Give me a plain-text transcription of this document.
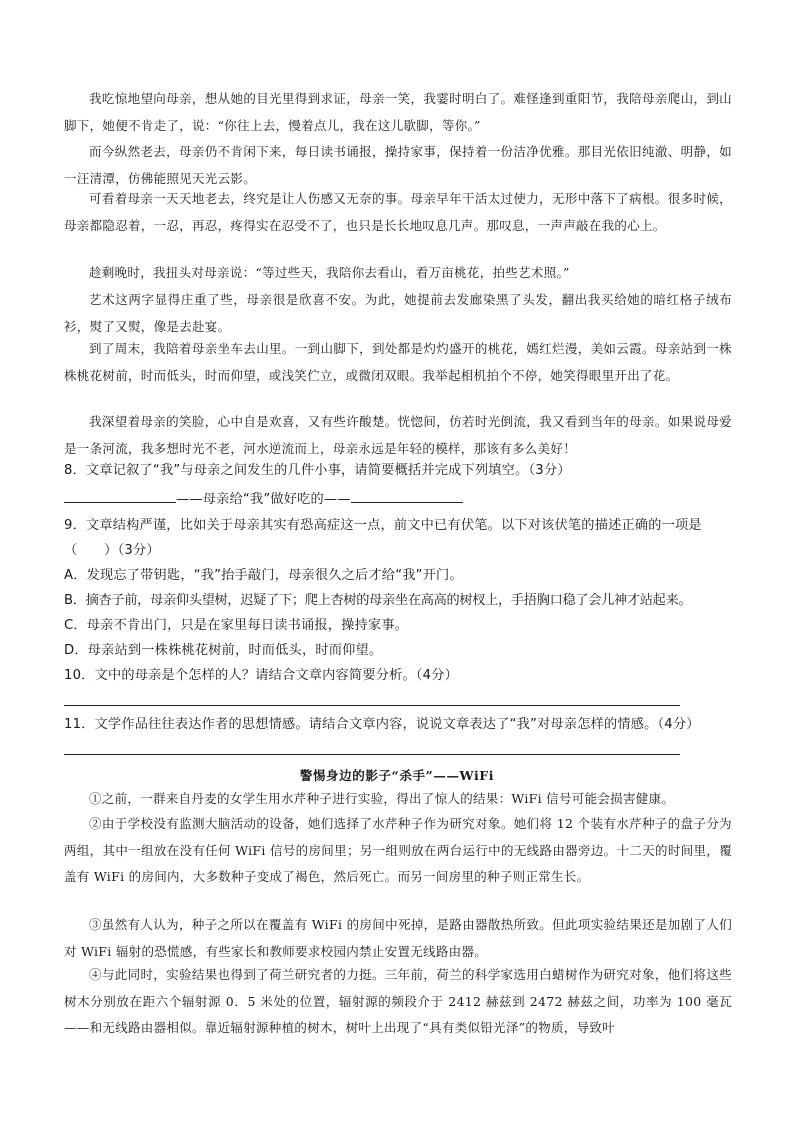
我吃惊地望向母亲，想从她的目光里得到求证，母亲一笑，我霎时明白了。难怪逢到重阳节，我陪母亲爬山，到山脚下，她便不肯走了，说：“你往上去，慢着点儿，我在这儿歇脚，等你。”
而今纵然老去，母亲仍不肯闲下来，每日读书诵报，操持家事，保持着一份洁净优雅。那目光依旧纯澈、明静，如一汪清潭，仿佛能照见天光云影。
可看着母亲一天天地老去，终究是让人伤感又无奈的事。母亲早年干活太过使力，无形中落下了病根。很多时候，母亲都隐忍着，一忍，再忍，疼得实在忍受不了，也只是长长地叹息几声。那叹息，一声声敲在我的心上。
趁剩晚时，我扭头对母亲说：“等过些天，我陪你去看山，看万亩桃花，拍些艺术照。”
艺术这两字显得庄重了些，母亲很是欣喜不安。为此，她提前去发廊染黑了头发，翻出我买给她的暗红格子绒布衫，熨了又熨，像是去赴宴。
到了周末，我陪着母亲坐车去山里。一到山脚下，到处都是灼灼盛开的桃花，嫣红烂漫，美如云霞。母亲站到一株株桃花树前，时而低头，时而仰望，或浅笑伫立，或微闭双眼。我举起相机拍个不停，她笑得眼里开出了花。
我深望着母亲的笑脸，心中自是欢喜，又有些许酸楚。恍惚间，仿若时光倒流，我又看到当年的母亲。如果说母爱是一条河流，我多想时光不老，河水逆流而上，母亲永远是年轻的模样，那该有多么美好！
8．文章记叙了“我”与母亲之间发生的几件小事，请简要概括并完成下列填空。（3分）
——母亲给“我”做好吃的——
9．文章结构严谨，比如关于母亲其实有恐高症这一点，前文中已有伏笔。以下对该伏笔的描述正确的一项是（　　）（3分）
A．发现忘了带钥匙，“我”抬手敲门，母亲很久之后才给“我”开门。
B．摘杏子前，母亲仰头望树，迟疑了下；爬上杏树的母亲坐在高高的树杈上，手捂胸口稳了会儿神才站起来。
C．母亲不肯出门，只是在家里每日读书诵报，操持家事。
D．母亲站到一株株桃花树前，时而低头，时而仰望。
10．文中的母亲是个怎样的人？请结合文章内容简要分析。（4分）
11．文学作品往往表达作者的思想情感。请结合文章内容，说说文章表达了“我”对母亲怎样的情感。（4分）
警惕身边的影子“杀手”——WiFi
①之前，一群来自丹麦的女学生用水芹种子进行实验，得出了惊人的结果：WiFi 信号可能会损害健康。
②由于学校没有监测大脑活动的设备，她们选择了水芹种子作为研究对象。她们将 12 个装有水芹种子的盘子分为两组，其中一组放在没有任何 WiFi 信号的房间里；另一组则放在两台运行中的无线路由器旁边。十二天的时间里，覆盖有 WiFi 的房间内，大多数种子变成了褐色，然后死亡。而另一间房里的种子则正常生长。
③虽然有人认为，种子之所以在覆盖有 WiFi 的房间中死掉，是路由器散热所致。但此项实验结果还是加剧了人们对 WiFi 辐射的恐慌感，有些家长和教师要求校园内禁止安置无线路由器。
④与此同时，实验结果也得到了荷兰研究者的力挺。三年前，荷兰的科学家选用白蜡树作为研究对象，他们将这些树木分别放在距六个辐射源 0．5 米处的位置，辐射源的频段介于 2412 赫兹到 2472 赫兹之间，功率为 100 毫瓦——和无线路由器相似。靠近辐射源种植的树木，树叶上出现了“具有类似铅光泽”的物质，导致叶
